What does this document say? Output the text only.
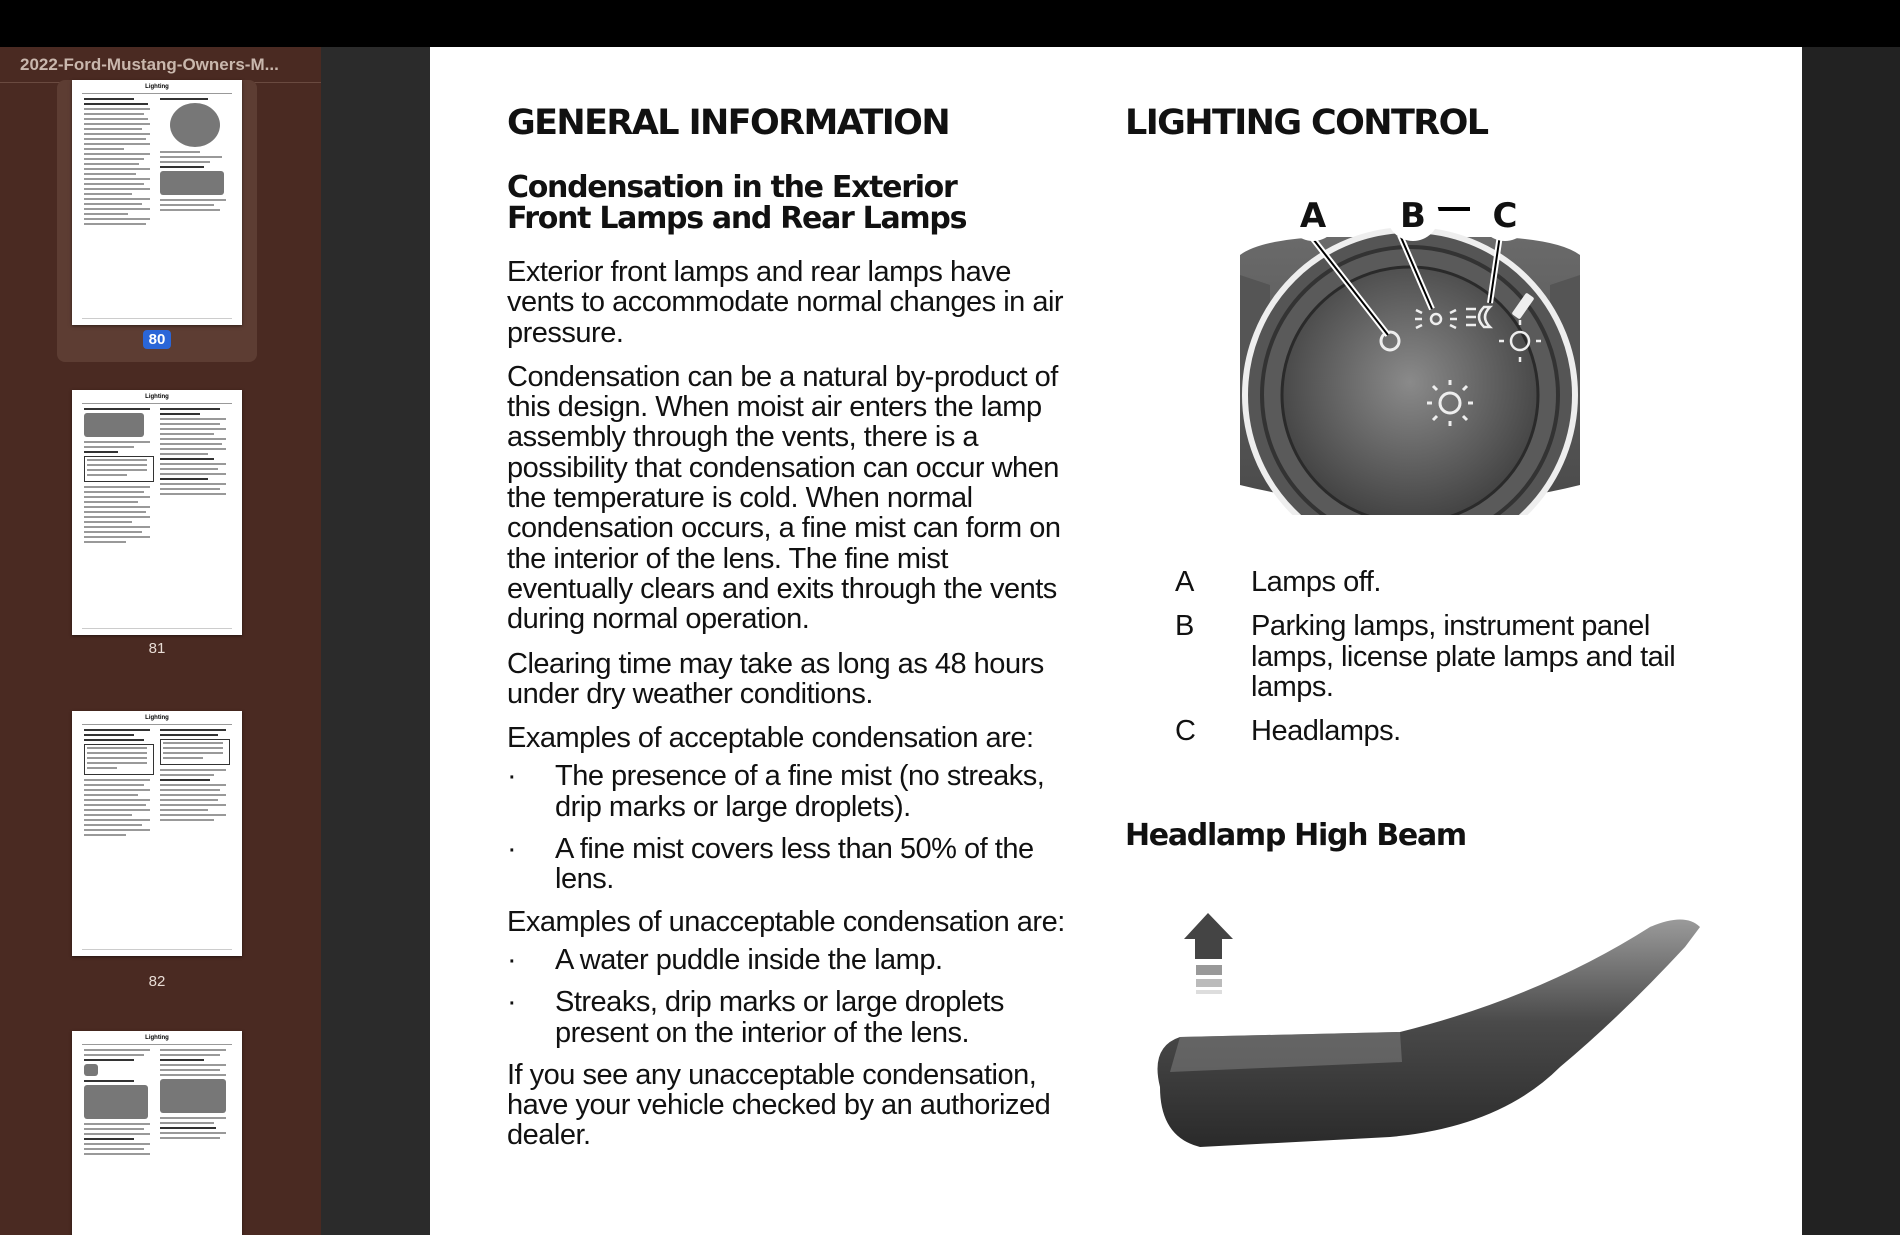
2022-Ford-Mustang-Owners-M...
Lighting
80
Lighting
81
Lighting
82
Lighting
GENERAL INFORMATION
Condensation in the Exterior Front Lamps and Rear Lamps

Exterior front lamps and rear lamps have vents to accommodate normal changes in air pressure.

Condensation can be a natural by-product of this design. When moist air enters the lamp assembly through the vents, there is a possibility that condensation can occur when the temperature is cold. When normal condensation occurs, a fine mist can form on the interior of the lens. The fine mist eventually clears and exits through the vents during normal operation.

Clearing time may take as long as 48 hours under dry weather conditions.

Examples of acceptable condensation are:

· The presence of a fine mist (no streaks, drip marks or large droplets).
· A fine mist covers less than 50% of the lens.

Examples of unacceptable condensation are:

· A water puddle inside the lamp.
· Streaks, drip marks or large droplets present on the interior of the lens.

If you see any unacceptable condensation, have your vehicle checked by an authorized dealer.

LIGHTING CONTROL
A B C
A Lamps off.
B Parking lamps, instrument panel lamps, license plate lamps and tail lamps.
C Headlamps.
Headlamp High Beam
